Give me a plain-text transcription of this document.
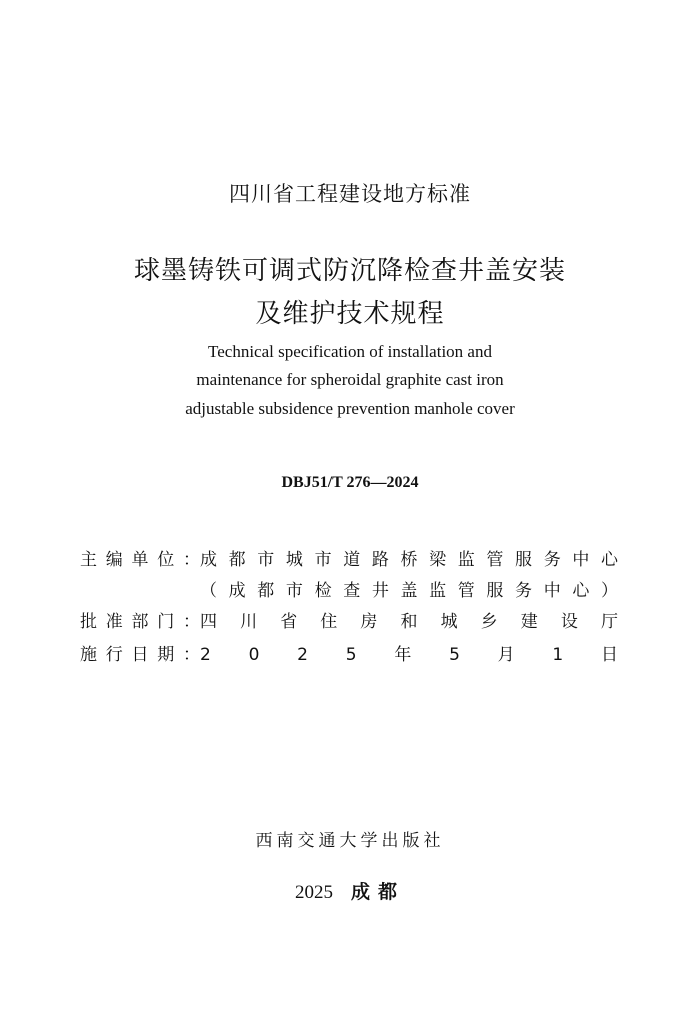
四川省工程建设地方标准
球墨铸铁可调式防沉降检查井盖安装
及维护技术规程
Technical specification of installation and
maintenance for spheroidal graphite cast iron
adjustable subsidence prevention manhole cover
DBJ51/T 276—2024
主 编 单 位 ： 成 都 市 城 市 道 路 桥 梁 监 管 服 务 中 心
（ 成 都 市 检 查 井 盖 监 管 服 务 中 心 ）
批 准 部 门 ： 四 川 省 住 房 和 城 乡 建 设 厅
施 行 日 期 ： 2 0 2 5 年 5 月 1 日
西南交通大学出版社
2025 成都
